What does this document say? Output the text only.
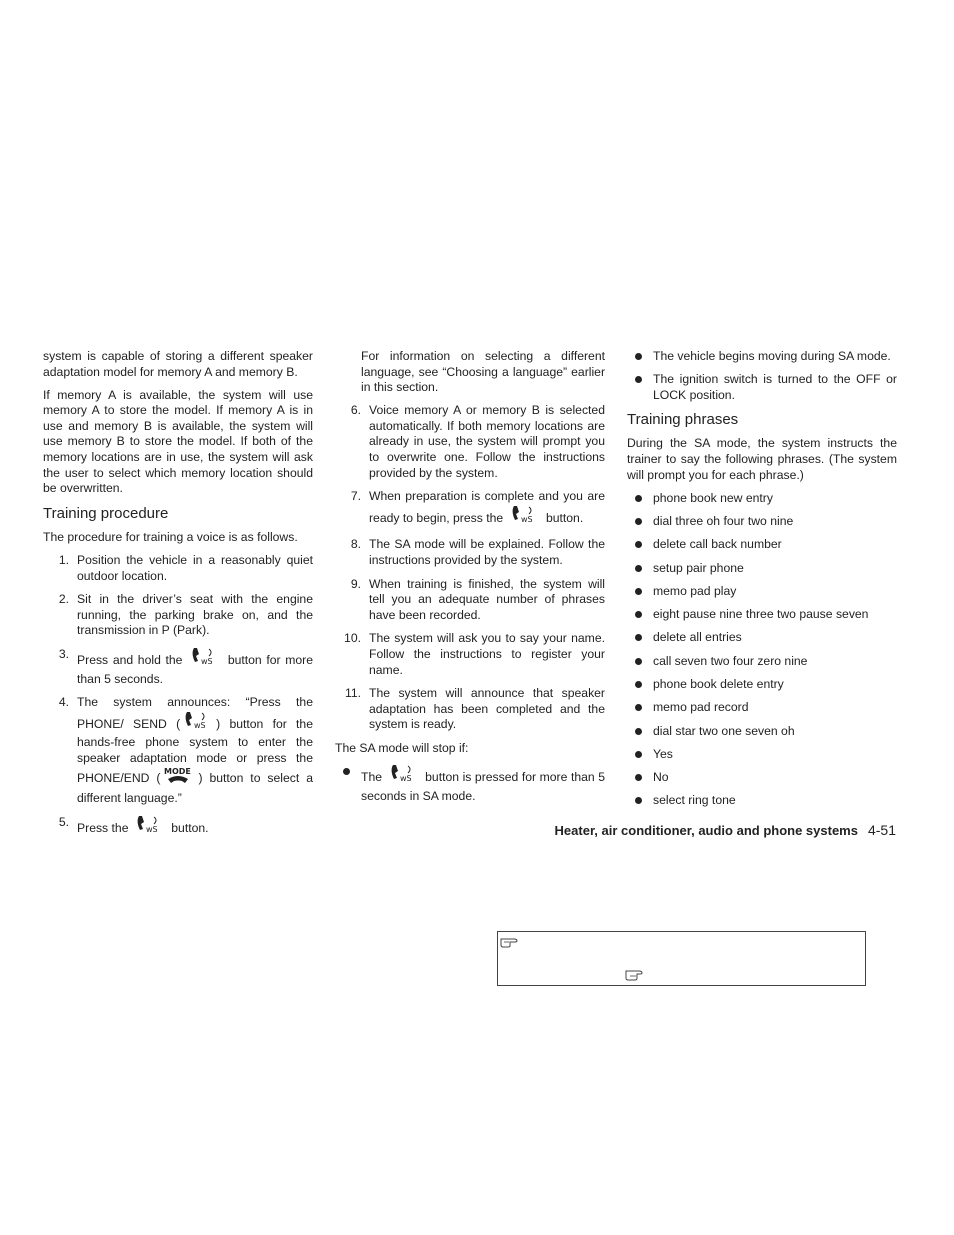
system is capable of storing a different speaker adaptation model for memory A and memory B.

If memory A is available, the system will use memory A to store the model. If memory A is in use and memory B is available, the system will use memory B to store the model. If both of the memory locations are in use, the system will ask the user to select which memory location should be overwritten.

Training procedure

The procedure for training a voice is as follows.

1. Position the vehicle in a reasonably quiet outdoor location.
2. Sit in the driver’s seat with the engine running, the parking brake on, and the transmission in P (Park).
3. Press and hold the wS button for more than 5 seconds.
4. The system announces: “Press the PHONE/ SEND ( wS ) button for the hands-free phone system to enter the speaker adaptation mode or press the PHONE/END ( MODE ) button to select a different language.”
5. Press the wS button.

For information on selecting a different language, see “Choosing a language” earlier in this section.

6. Voice memory A or memory B is selected automatically. If both memory locations are already in use, the system will prompt you to overwrite one. Follow the instructions provided by the system.
7. When preparation is complete and you are ready to begin, press the wS button.
8. The SA mode will be explained. Follow the instructions provided by the system.
9. When training is finished, the system will tell you an adequate number of phrases have been recorded.
10. The system will ask you to say your name. Follow the instructions to register your name.
11. The system will announce that speaker adaptation has been completed and the system is ready.

The SA mode will stop if:

The wS button is pressed for more than 5 seconds in SA mode.
The vehicle begins moving during SA mode.
The ignition switch is turned to the OFF or LOCK position.
Training phrases

During the SA mode, the system instructs the trainer to say the following phrases. (The system will prompt you for each phrase.)

phone book new entry
dial three oh four two nine
delete call back number
setup pair phone
memo pad play
eight pause nine three two pause seven
delete all entries
call seven two four zero nine
phone book delete entry
memo pad record
dial star two one seven oh
Yes
No
select ring tone
Heater, air conditioner, audio and phone systems 4-51
